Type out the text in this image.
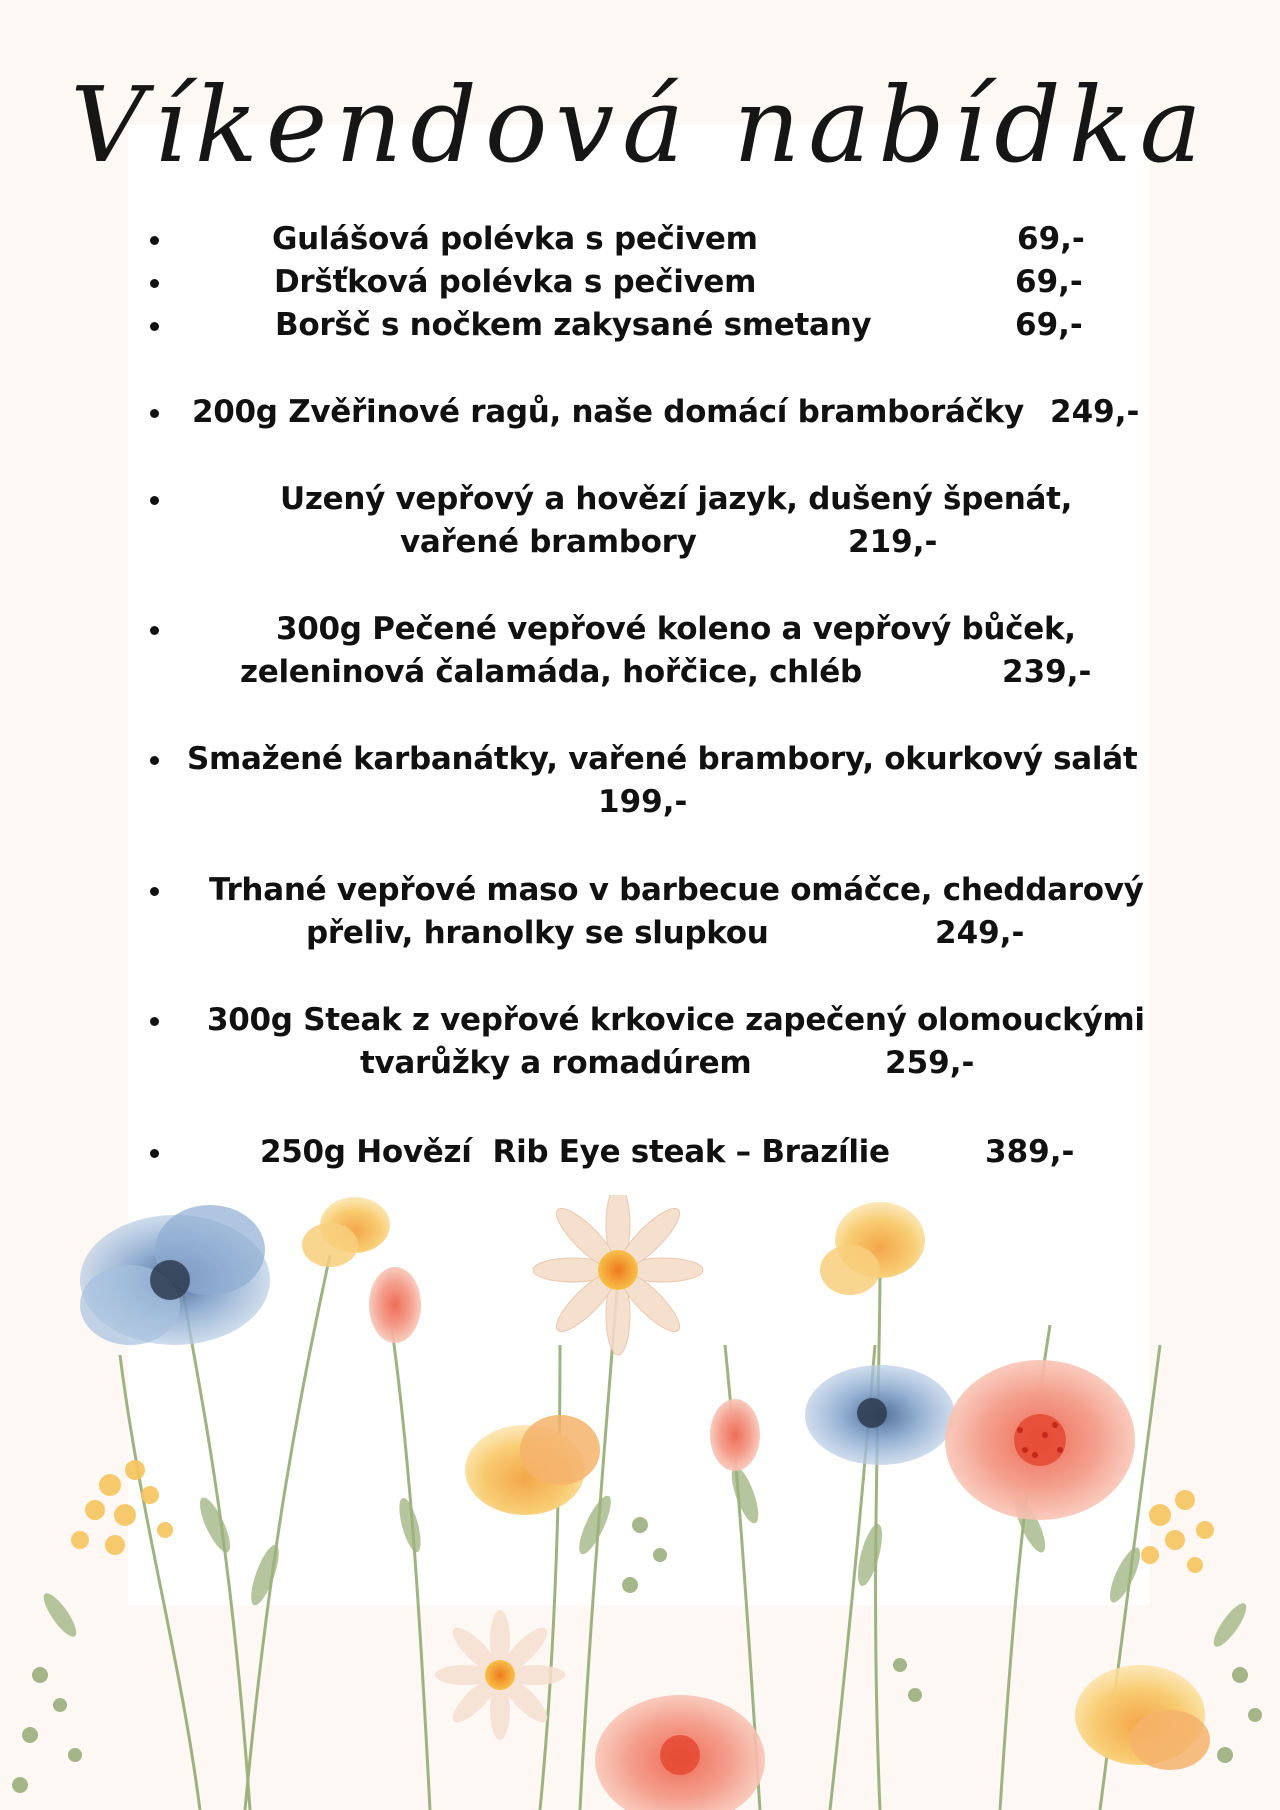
Víkendová nabídka
Gulášová polévka s pečivem	69,-
Dršťková polévka s pečivem	69,-
Boršč s nočkem zakysané smetany	69,-
200g Zvěřinové ragů, naše domácí bramboráčky 249,-
Uzený vepřový a hovězí jazyk, dušený špenát,
vařené brambory	219,-
300g Pečené vepřové koleno a vepřový bůček,
zeleninová čalamáda, hořčice, chléb	239,-
Smažené karbanátky, vařené brambory, okurkový salát
199,-
Trhané vepřové maso v barbecue omáčce, cheddarový
přeliv, hranolky se slupkou	249,-
300g Steak z vepřové krkovice zapečený olomouckými
tvarůžky a romadúrem	259,-
250g Hovězí  Rib Eye steak – Brazílie	389,-
